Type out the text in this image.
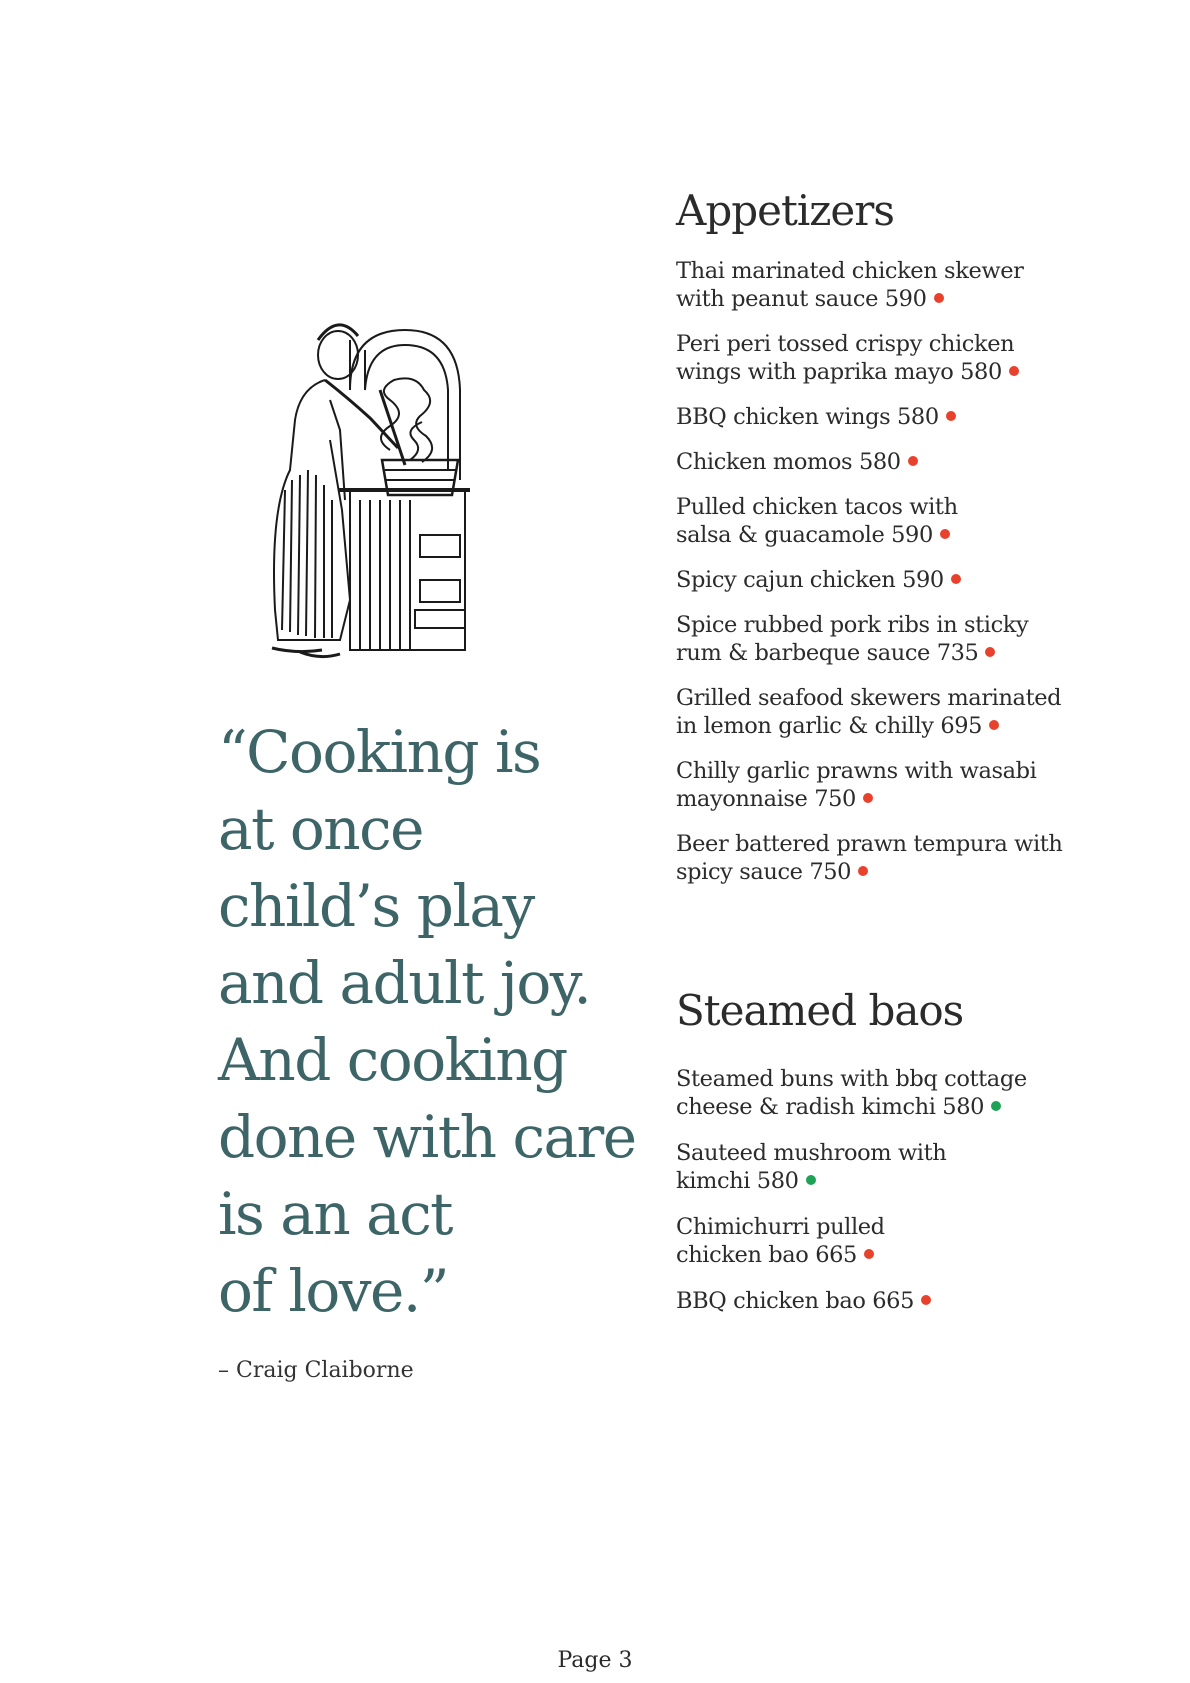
“Cooking is
at once
child’s play
and adult joy.
And cooking
done with care
is an act
of love.”
– Craig Claiborne
Appetizers
Thai marinated chicken skewer
with peanut sauce 590
Peri peri tossed crispy chicken
wings with paprika mayo 580
BBQ chicken wings 580
Chicken momos 580
Pulled chicken tacos with
salsa & guacamole 590
Spicy cajun chicken 590
Spice rubbed pork ribs in sticky
rum & barbeque sauce 735
Grilled seafood skewers marinated
in lemon garlic & chilly 695
Chilly garlic prawns with wasabi
mayonnaise 750
Beer battered prawn tempura with
spicy sauce 750
Steamed baos
Steamed buns with bbq cottage
cheese & radish kimchi 580
Sauteed mushroom with
kimchi 580
Chimichurri pulled
chicken bao 665
BBQ chicken bao 665
Page 3
